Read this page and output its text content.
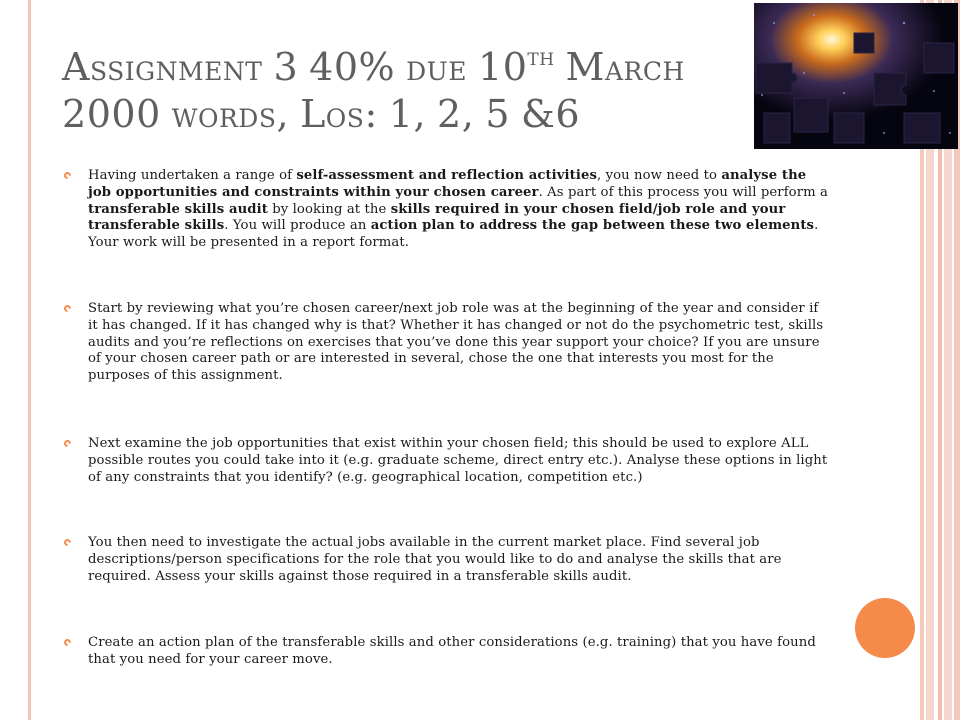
ASSIGNMENT 3 40% DUE 10TH MARCH
2000 WORDS, LOS: 1, 2, 5 &6
Having undertaken a range of self-assessment and reflection activities, you now need to analyse the job opportunities and constraints within your chosen career. As part of this process you will perform a transferable skills audit by looking at the skills required in your chosen field/job role and your transferable skills. You will produce an action plan to address the gap between these two elements. Your work will be presented in a report format.
Start by reviewing what you’re chosen career/next job role was at the beginning of the year and consider if it has changed. If it has changed why is that? Whether it has changed or not do the psychometric test, skills audits and you’re reflections on exercises that you’ve done this year support your choice? If you are unsure of your chosen career path or are interested in several, chose the one that interests you most for the purposes of this assignment.
Next examine the job opportunities that exist within your chosen field; this should be used to explore ALL possible routes you could take into it (e.g. graduate scheme, direct entry etc.). Analyse these options in light of any constraints that you identify? (e.g. geographical location, competition etc.)
You then need to investigate the actual jobs available in the current market place. Find several job descriptions/person specifications for the role that you would like to do and analyse the skills that are required. Assess your skills against those required in a transferable skills audit.
Create an action plan of the transferable skills and other considerations (e.g. training) that you have found that you need for your career move.
